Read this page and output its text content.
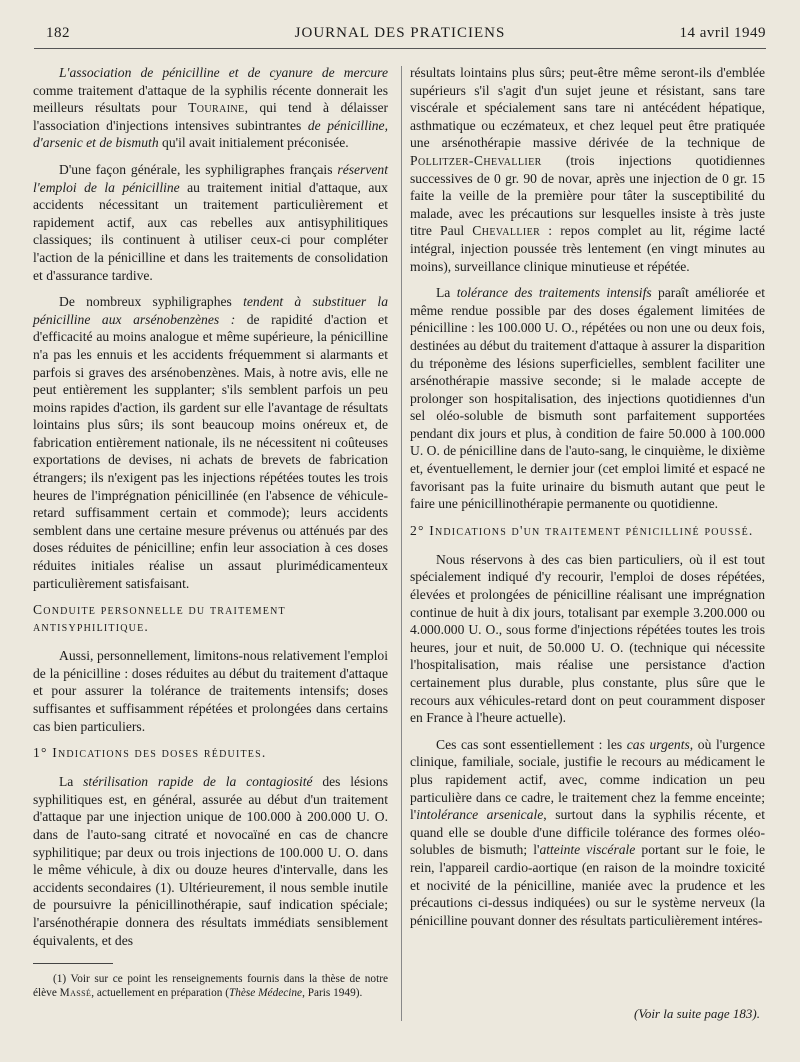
182	JOURNAL DES PRATICIENS	14 avril 1949

L'association de pénicilline et de cyanure de mercure comme traitement d'attaque de la syphilis récente donnerait les meilleurs résultats pour Touraine, qui tend à délaisser l'association d'injections intensives subintrantes de pénicilline, d'arsenic et de bismuth qu'il avait initialement préconisée.

D'une façon générale, les syphiligraphes français réservent l'emploi de la pénicilline au traitement initial d'attaque, aux accidents nécessitant un traitement particulièrement et rapidement actif, aux cas rebelles aux antisyphilitiques classiques; ils continuent à utiliser ceux-ci pour compléter l'action de la pénicilline et dans les traitements de consolidation et d'assurance tardive.

De nombreux syphiligraphes tendent à substituer la pénicilline aux arsénobenzènes : de rapidité d'action et d'efficacité au moins analogue et même supérieure, la pénicilline n'a pas les ennuis et les accidents fréquemment si alarmants et parfois si graves des arsénobenzènes. Mais, à notre avis, elle ne peut entièrement les supplanter; s'ils semblent parfois un peu moins rapides d'action, ils gardent sur elle l'avantage de résultats lointains plus sûrs; ils sont beaucoup moins onéreux et, de fabrication entièrement nationale, ils ne nécessitent ni coûteuses exportations de devises, ni achats de brevets de fabrication étrangers; ils n'exigent pas les injections répétées toutes les trois heures de l'imprégnation pénicillinée (en l'absence de véhicule-retard suffisamment certain et commode); leurs accidents semblent dans une certaine mesure prévenus ou atténués par des doses réduites de pénicilline; enfin leur association à ces doses réduites initiales réalise un assaut plurimédicamenteux particulièrement satisfaisant.

Conduite personnelle du traitement antisyphilitique.

Aussi, personnellement, limitons-nous relativement l'emploi de la pénicilline : doses réduites au début du traitement d'attaque et pour assurer la tolérance de traitements intensifs; doses suffisantes et suffisamment répétées et prolongées dans certains cas bien particuliers.

1° Indications des doses réduites.

La stérilisation rapide de la contagiosité des lésions syphilitiques est, en général, assurée au début d'un traitement d'attaque par une injection unique de 100.000 à 200.000 U. O. dans de l'auto-sang citraté et novocaïné en cas de chancre syphilitique; par deux ou trois injections de 100.000 U. O. dans le même véhicule, à dix ou douze heures d'intervalle, dans les accidents secondaires (1). Ultérieurement, il nous semble inutile de poursuivre la pénicillinothérapie, sauf indication spéciale; l'arsénothérapie donnera des résultats immédiats sensiblement équivalents, et des

(1) Voir sur ce point les renseignements fournis dans la thèse de notre élève Massé, actuellement en préparation (Thèse Médecine, Paris 1949).

résultats lointains plus sûrs; peut-être même seront-ils d'emblée supérieurs s'il s'agit d'un sujet jeune et résistant, sans tare viscérale et spécialement sans tare ni antécédent hépatique, asthmatique ou eczémateux, et chez lequel peut être pratiquée une arsénothérapie massive dérivée de la technique de Pollitzer-Chevallier (trois injections quotidiennes successives de 0 gr. 90 de novar, après une injection de 0 gr. 15 faite la veille de la première pour tâter la susceptibilité du malade, avec les précautions sur lesquelles insiste à très juste titre Paul Chevallier : repos complet au lit, régime lacté intégral, injection poussée très lentement (en vingt minutes au moins), surveillance clinique minutieuse et répétée.

La tolérance des traitements intensifs paraît améliorée et même rendue possible par des doses également limitées de pénicilline : les 100.000 U. O., répétées ou non une ou deux fois, destinées au début du traitement d'attaque à assurer la disparition du tréponème des lésions superficielles, semblent faciliter une arsénothérapie massive seconde; si le malade accepte de prolonger son hospitalisation, des injections quotidiennes d'un sel oléo-soluble de bismuth sont parfaitement supportées pendant dix jours et plus, à condition de faire 50.000 à 100.000 U. O. de pénicilline dans de l'auto-sang, le cinquième, le dixième et, éventuellement, le dernier jour (cet emploi limité et espacé ne favorisant pas la fuite urinaire du bismuth autant que peut le faire une pénicillinothérapie permanente ou quotidienne.

2° Indications d'un traitement pénicilliné poussé.

Nous réservons à des cas bien particuliers, où il est tout spécialement indiqué d'y recourir, l'emploi de doses répétées, élevées et prolongées de pénicilline réalisant une imprégnation continue de huit à dix jours, totalisant par exemple 3.200.000 ou 4.000.000 U. O., sous forme d'injections répétées toutes les trois heures, jour et nuit, de 50.000 U. O. (technique qui nécessite l'hospitalisation, mais réalise une persistance d'action certainement plus durable, plus constante, plus sûre que le recours aux véhicules-retard dont on peut couramment disposer en France à l'heure actuelle).

Ces cas sont essentiellement : les cas urgents, où l'urgence clinique, familiale, sociale, justifie le recours au médicament le plus rapidement actif, avec, comme indication un peu particulière dans ce cadre, le traitement chez la femme enceinte; l'intolérance arsenicale, surtout dans la syphilis récente, et quand elle se double d'une difficile tolérance des formes oléo-solubles de bismuth; l'atteinte viscérale portant sur le foie, le rein, l'appareil cardio-aortique (en raison de la moindre toxicité et nocivité de la pénicilline, maniée avec la prudence et les précautions ci-dessus indiquées) ou sur le système nerveux (la pénicilline pouvant donner des résultats particulièrement intéres-

(Voir la suite page 183).
